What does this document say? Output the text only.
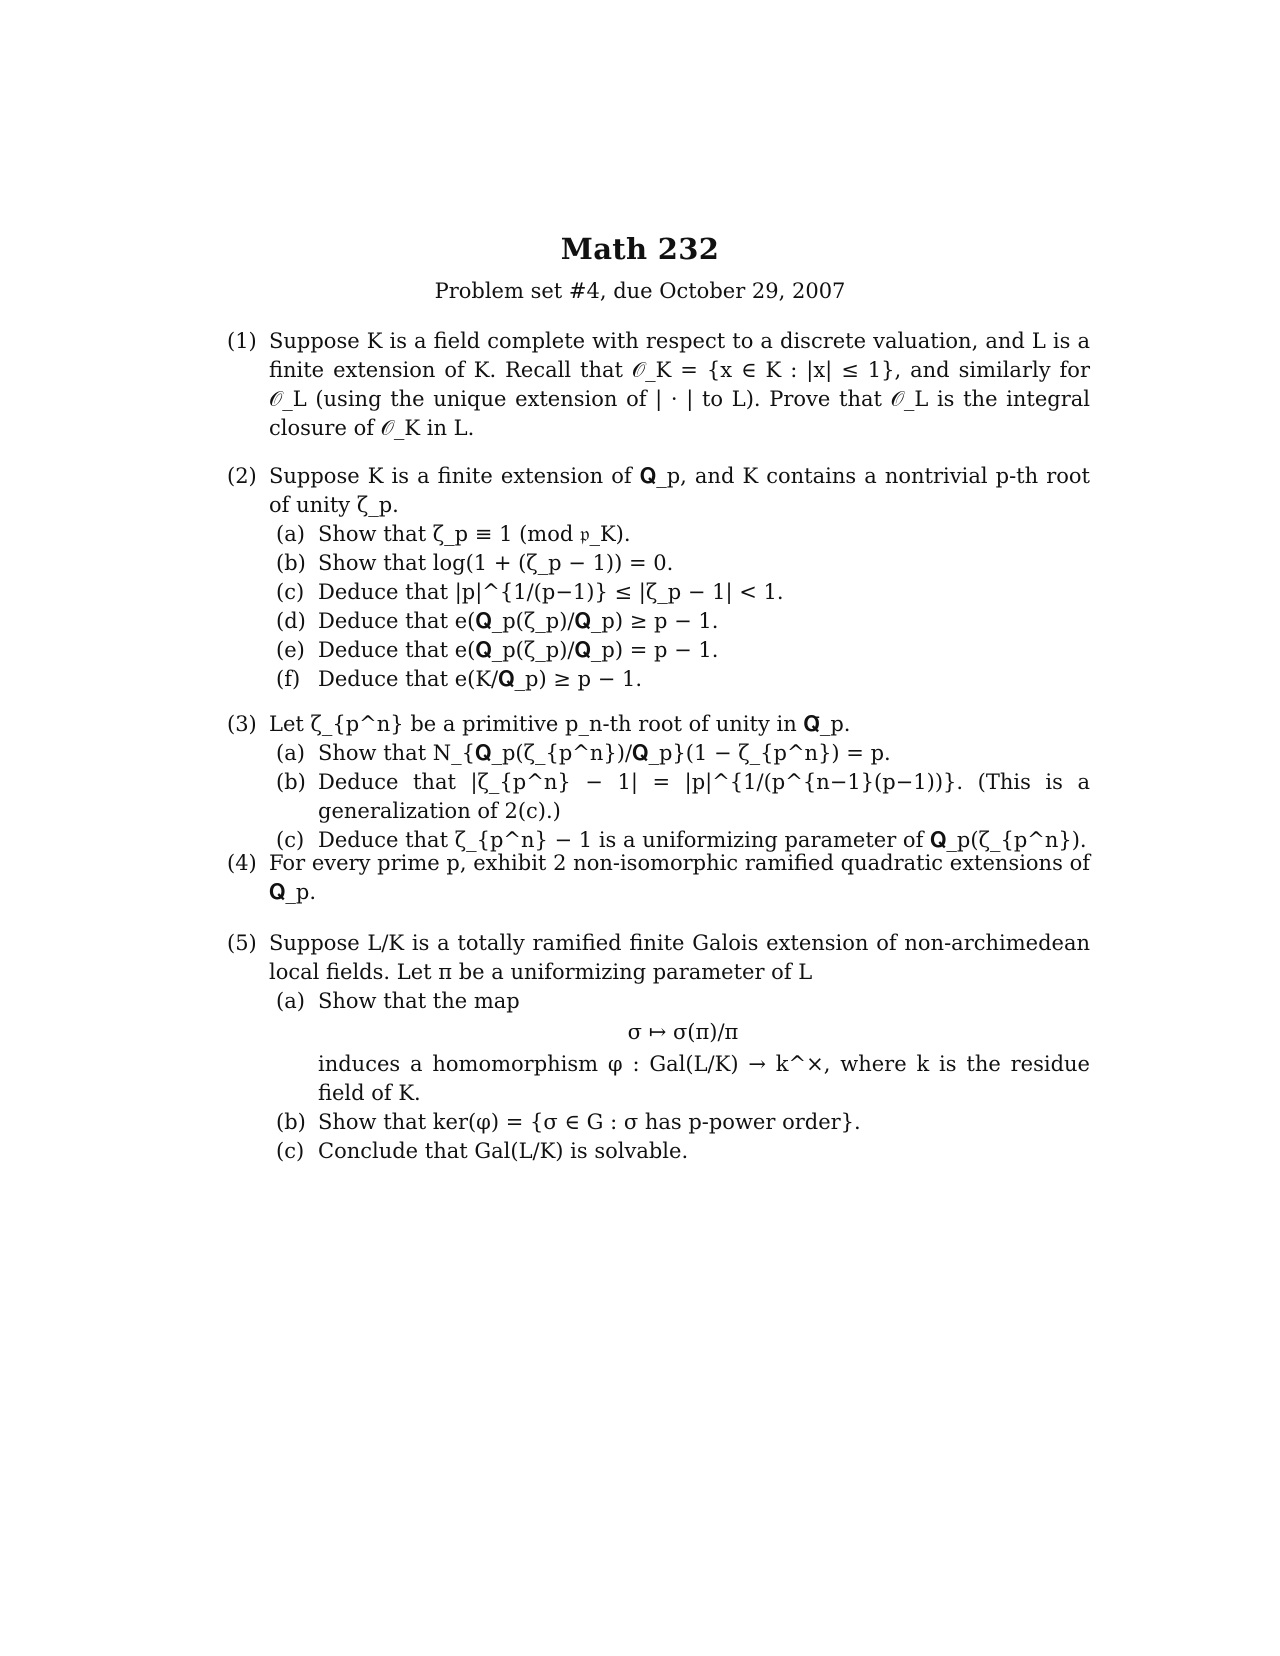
Math 232
Problem set #4, due October 29, 2007
(1) Suppose K is a field complete with respect to a discrete valuation, and L is a finite extension of K. Recall that 𝒪_K = {x ∈ K : |x| ≤ 1}, and similarly for 𝒪_L (using the unique extension of | · | to L). Prove that 𝒪_L is the integral closure of 𝒪_K in L.
(2) Suppose K is a finite extension of 𝐐_p, and K contains a nontrivial p-th root of unity ζ_p.
(a) Show that ζ_p ≡ 1 (mod 𝔭_K).
(b) Show that log(1 + (ζ_p − 1)) = 0.
(c) Deduce that |p|^{1/(p−1)} ≤ |ζ_p − 1| < 1.
(d) Deduce that e(𝐐_p(ζ_p)/𝐐_p) ≥ p − 1.
(e) Deduce that e(𝐐_p(ζ_p)/𝐐_p) = p − 1.
(f) Deduce that e(K/𝐐_p) ≥ p − 1.
(3) Let ζ_{p^n} be a primitive p_n-th root of unity in 𝐐̄_p.
(a) Show that N_{𝐐_p(ζ_{p^n})/𝐐_p}(1 − ζ_{p^n}) = p.
(b) Deduce that |ζ_{p^n} − 1| = |p|^{1/(p^{n−1}(p−1))}. (This is a generalization of 2(c).)
(c) Deduce that ζ_{p^n} − 1 is a uniformizing parameter of 𝐐_p(ζ_{p^n}).
(4) For every prime p, exhibit 2 non-isomorphic ramified quadratic extensions of 𝐐_p.
(5) Suppose L/K is a totally ramified finite Galois extension of non-archimedean local fields. Let π be a uniformizing parameter of L
(a) Show that the map
σ ↦ σ(π)/π
induces a homomorphism φ : Gal(L/K) → k^×, where k is the residue field of K.
(b) Show that ker(φ) = {σ ∈ G : σ has p-power order}.
(c) Conclude that Gal(L/K) is solvable.
